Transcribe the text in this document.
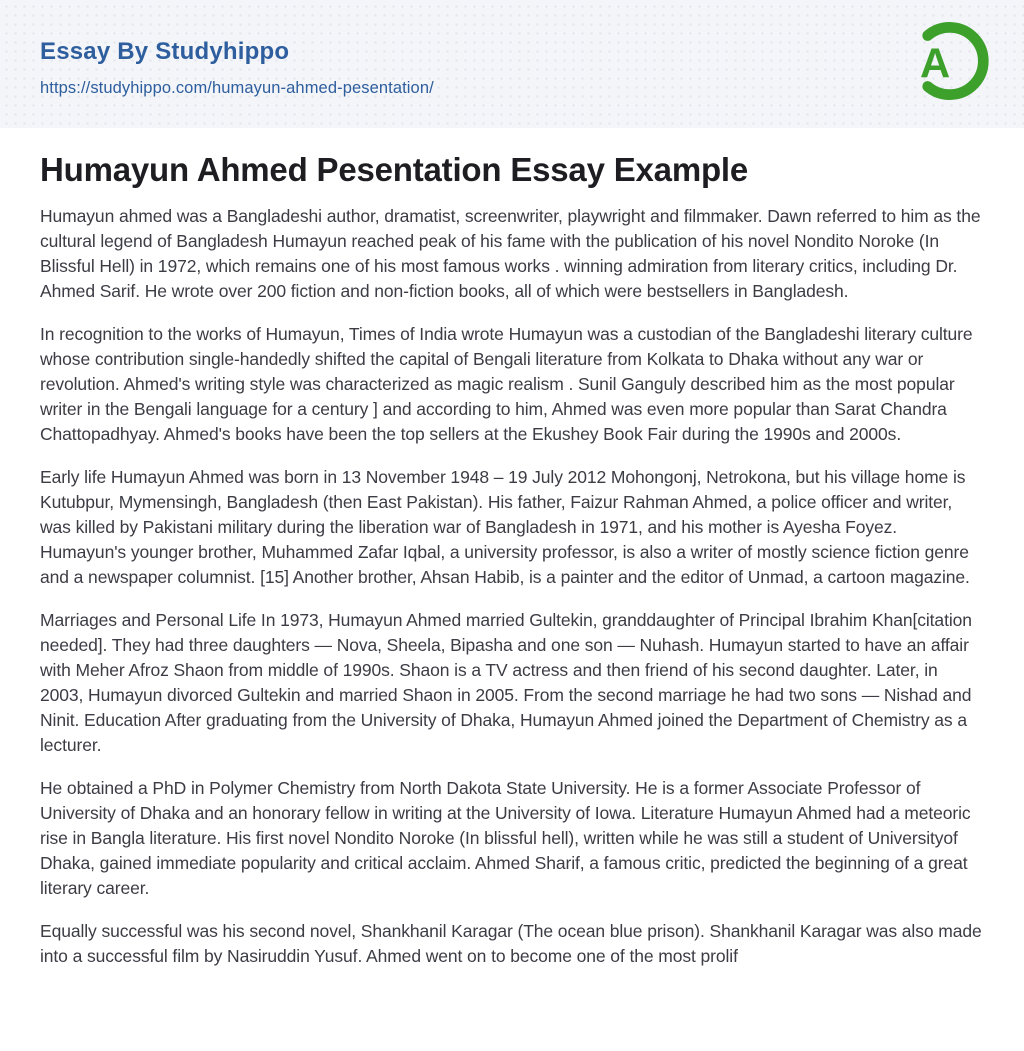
Essay By Studyhippo
https://studyhippo.com/humayun-ahmed-pesentation/
A
Humayun Ahmed Pesentation Essay Example

Humayun ahmed was a Bangladeshi author, dramatist, screenwriter, playwright and filmmaker. Dawn referred to him as the cultural legend of Bangladesh Humayun reached peak of his fame with the publication of his novel Nondito Noroke (In Blissful Hell) in 1972, which remains one of his most famous works . winning admiration from literary critics, including Dr. Ahmed Sarif. He wrote over 200 fiction and non-fiction books, all of which were bestsellers in Bangladesh.

In recognition to the works of Humayun, Times of India wrote Humayun was a custodian of the Bangladeshi literary culture whose contribution single-handedly shifted the capital of Bengali literature from Kolkata to Dhaka without any war or revolution. Ahmed's writing style was characterized as magic realism . Sunil Ganguly described him as the most popular writer in the Bengali language for a century ] and according to him, Ahmed was even more popular than Sarat Chandra Chattopadhyay. Ahmed's books have been the top sellers at the Ekushey Book Fair during the 1990s and 2000s.

Early life Humayun Ahmed was born in 13 November 1948 – 19 July 2012 Mohongonj, Netrokona, but his village home is Kutubpur, Mymensingh, Bangladesh (then East Pakistan). His father, Faizur Rahman Ahmed, a police officer and writer, was killed by Pakistani military during the liberation war of Bangladesh in 1971, and his mother is Ayesha Foyez. Humayun's younger brother, Muhammed Zafar Iqbal, a university professor, is also a writer of mostly science fiction genre and a newspaper columnist. [15] Another brother, Ahsan Habib, is a painter and the editor of Unmad, a cartoon magazine.

Marriages and Personal Life In 1973, Humayun Ahmed married Gultekin, granddaughter of Principal Ibrahim Khan[citation needed]. They had three daughters — Nova, Sheela, Bipasha and one son — Nuhash. Humayun started to have an affair with Meher Afroz Shaon from middle of 1990s. Shaon is a TV actress and then friend of his second daughter. Later, in 2003, Humayun divorced Gultekin and married Shaon in 2005. From the second marriage he had two sons — Nishad and Ninit. Education After graduating from the University of Dhaka, Humayun Ahmed joined the Department of Chemistry as a lecturer.

He obtained a PhD in Polymer Chemistry from North Dakota State University. He is a former Associate Professor of University of Dhaka and an honorary fellow in writing at the University of Iowa. Literature Humayun Ahmed had a meteoric rise in Bangla literature. His first novel Nondito Noroke (In blissful hell), written while he was still a student of Universityof Dhaka, gained immediate popularity and critical acclaim. Ahmed Sharif, a famous critic, predicted the beginning of a great literary career.

Equally successful was his second novel, Shankhanil Karagar (The ocean blue prison). Shankhanil Karagar was also made into a successful film by Nasiruddin Yusuf. Ahmed went on to become one of the most prolif
